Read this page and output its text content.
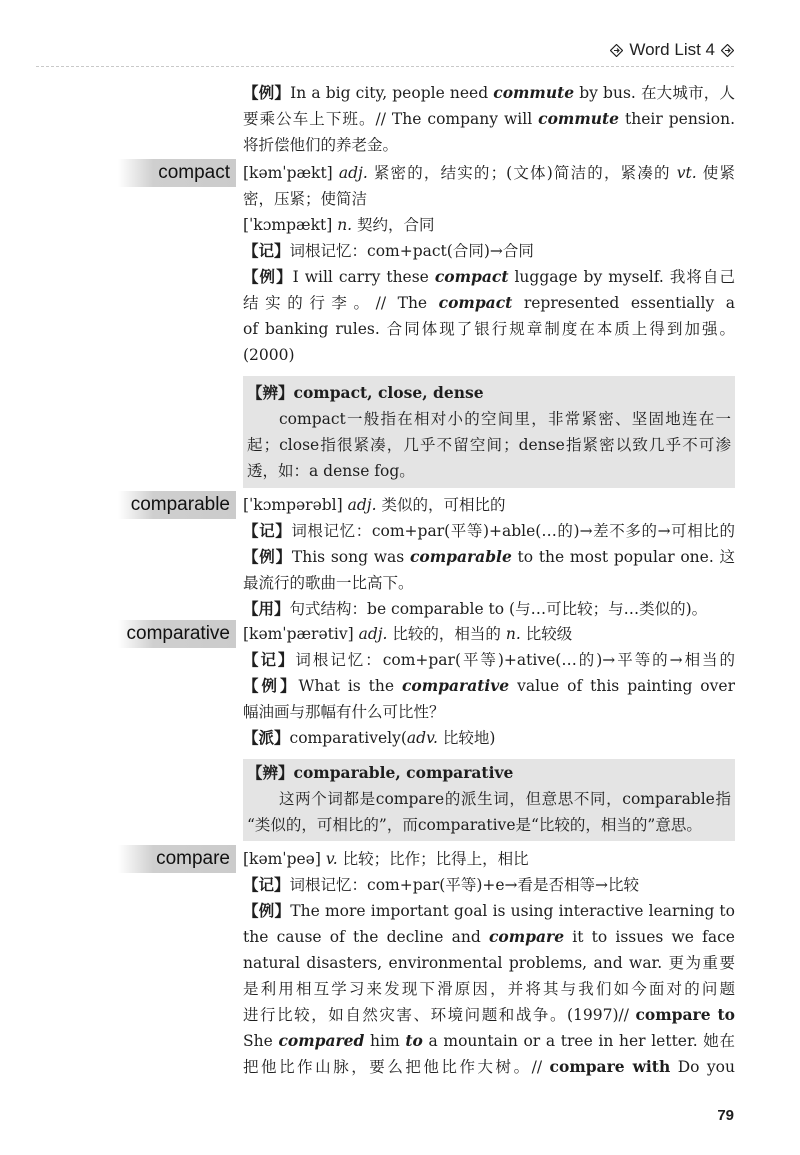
Word List 4
【例】In a big city, people need commute by bus. 在大城市，人
要乘公车上下班。// The company will commute their pension.
将折偿他们的养老金。
compact [kəmˈpækt] adj. 紧密的，结实的；(文体)简洁的，紧凑的 vt. 使紧
密，压紧；使简洁
[ˈkɔmpækt] n. 契约，合同
【记】词根记忆：com+pact(合同)→合同
【例】I will carry these compact luggage by myself. 我将自己
结实的行李。// The compact represented essentially a
of banking rules. 合同体现了银行规章制度在本质上得到加强。
(2000)
【辨】compact, close, dense
compact一般指在相对小的空间里，非常紧密、坚固地连在一
起；close指很紧凑，几乎不留空间；dense指紧密以致几乎不可渗
透，如：a dense fog。
comparable [ˈkɔmpərəbl] adj. 类似的，可相比的
【记】词根记忆：com+par(平等)+able(…的)→差不多的→可相比的
【例】This song was comparable to the most popular one. 这
最流行的歌曲一比高下。
【用】句式结构：be comparable to (与…可比较；与…类似的)。
comparative [kəmˈpærətiv] adj. 比较的，相当的 n. 比较级
【记】词根记忆：com+par(平等)+ative(…的)→平等的→相当的
【例】What is the comparative value of this painting over
幅油画与那幅有什么可比性？
【派】comparatively(adv. 比较地)
【辨】comparable, comparative
这两个词都是compare的派生词，但意思不同，comparable指
“类似的，可相比的”，而comparative是“比较的，相当的”意思。
compare [kəmˈpeə] v. 比较；比作；比得上，相比
【记】词根记忆：com+par(平等)+e→看是否相等→比较
【例】The more important goal is using interactive learning to
the cause of the decline and compare it to issues we face
natural disasters, environmental problems, and war. 更为重要
是利用相互学习来发现下滑原因，并将其与我们如今面对的问题
进行比较，如自然灾害、环境问题和战争。(1997)// compare to
She compared him to a mountain or a tree in her letter. 她在
把他比作山脉，要么把他比作大树。// compare with Do you
79
